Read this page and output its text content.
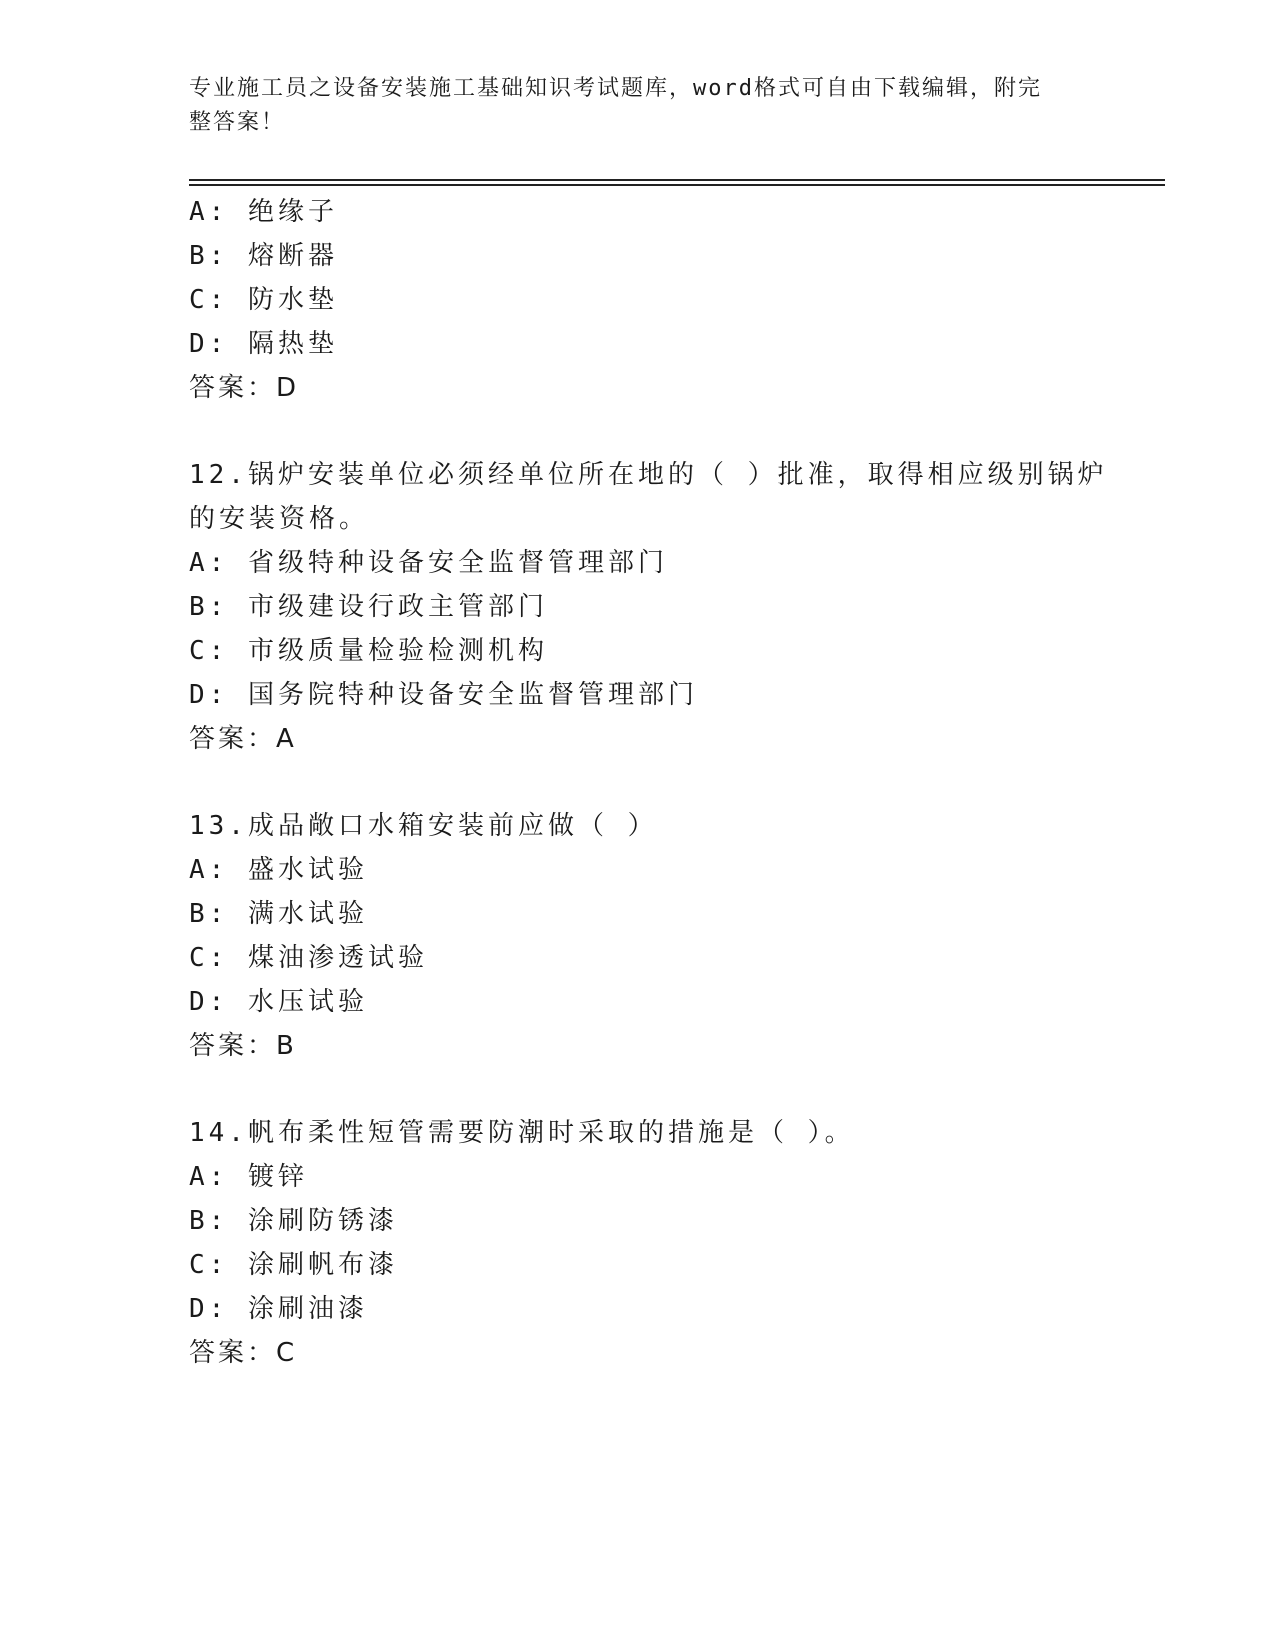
专业施工员之设备安装施工基础知识考试题库，word格式可自由下载编辑，附完
整答案！
A: 绝缘子
B: 熔断器
C: 防水垫
D: 隔热垫
答案：D
12.锅炉安装单位必须经单位所在地的（ ）批准，取得相应级别锅炉
的安装资格。
A: 省级特种设备安全监督管理部门
B: 市级建设行政主管部门
C: 市级质量检验检测机构
D: 国务院特种设备安全监督管理部门
答案：A
13.成品敞口水箱安装前应做（ ）
A: 盛水试验
B: 满水试验
C: 煤油渗透试验
D: 水压试验
答案：B
14.帆布柔性短管需要防潮时采取的措施是（ ）。
A: 镀锌
B: 涂刷防锈漆
C: 涂刷帆布漆
D: 涂刷油漆
答案：C
